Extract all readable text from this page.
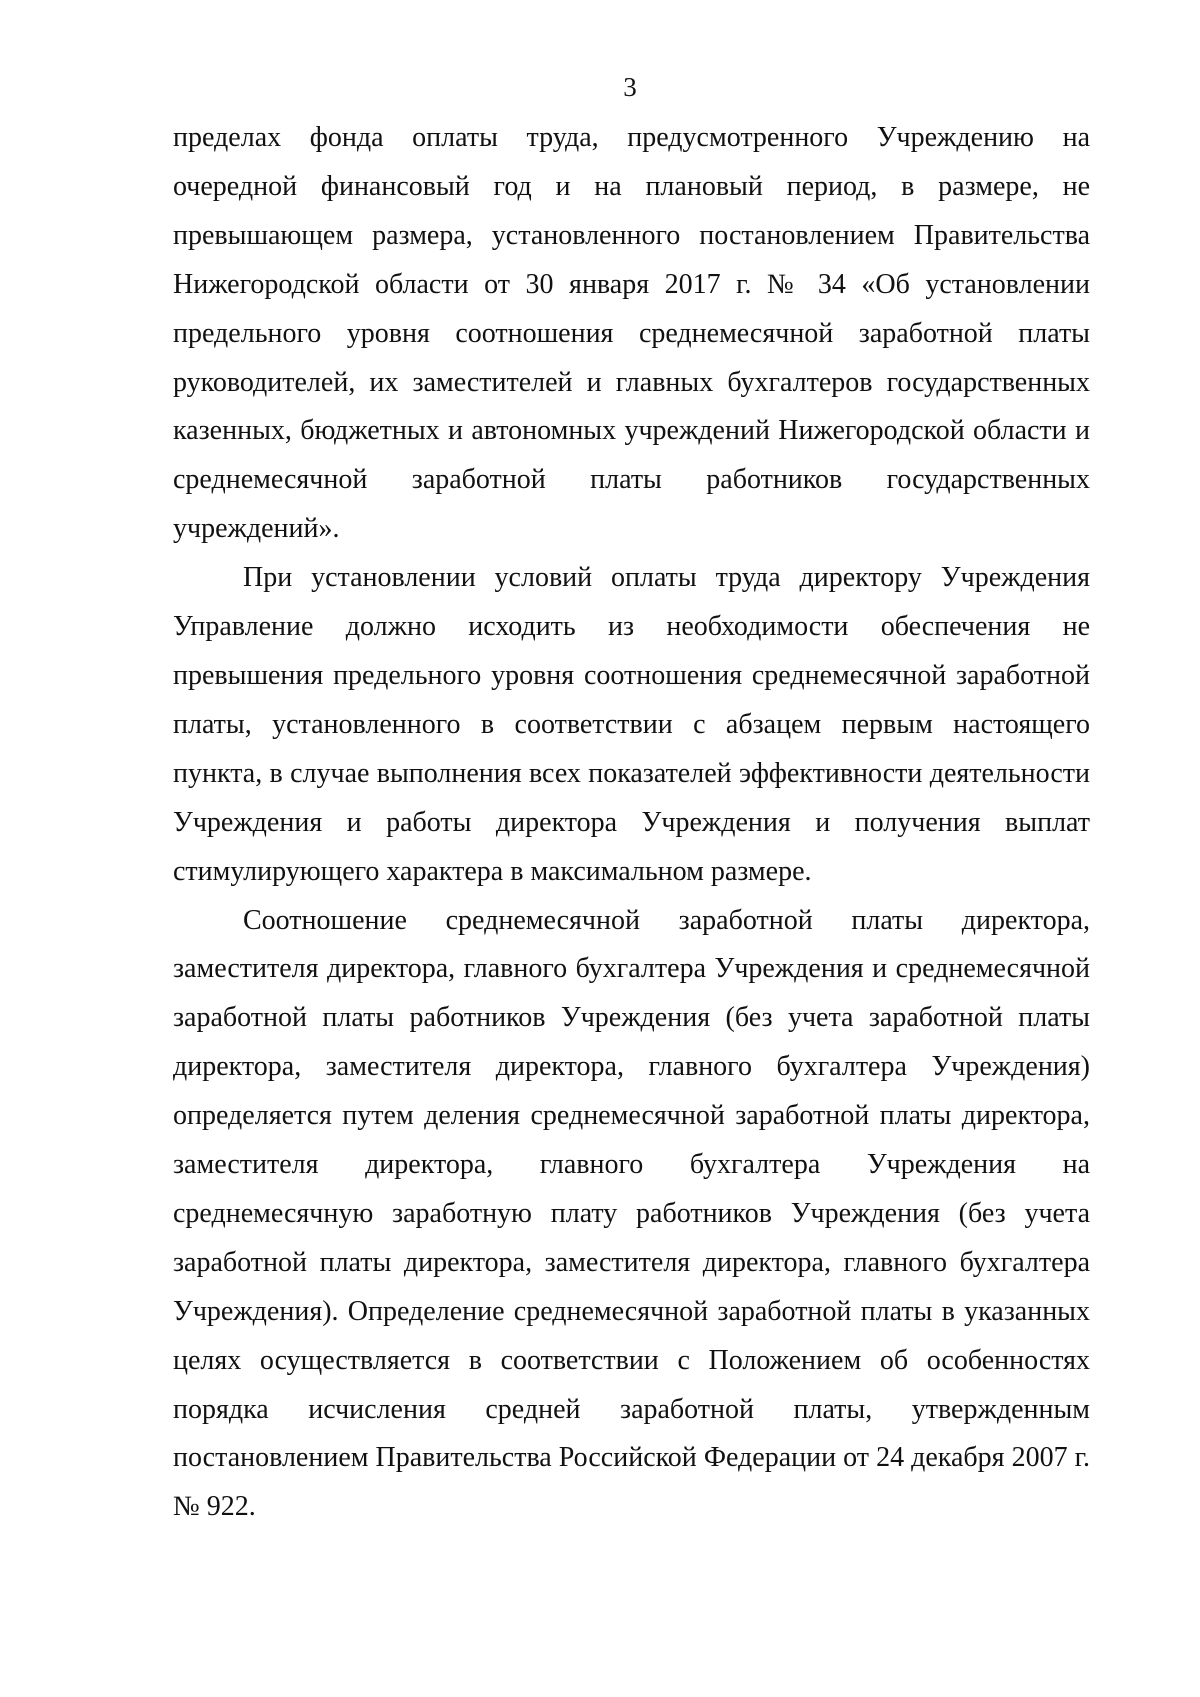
3

пределах фонда оплаты труда, предусмотренного Учреждению на очередной финансовый год и на плановый период, в размере, не превышающем размера, установленного постановлением Правительства Нижегородской области от 30 января 2017 г. № 34 «Об установлении предельного уровня соотношения среднемесячной заработной платы руководителей, их заместителей и главных бухгалтеров государственных казенных, бюджетных и автономных учреждений Нижегородской области и среднемесячной заработной платы работников государственных учреждений».

При установлении условий оплаты труда директору Учреждения Управление должно исходить из необходимости обеспечения не превышения предельного уровня соотношения среднемесячной заработной платы, установленного в соответствии с абзацем первым настоящего пункта, в случае выполнения всех показателей эффективности деятельности Учреждения и работы директора Учреждения и получения выплат стимулирующего характера в максимальном размере.

Соотношение среднемесячной заработной платы директора, заместителя директора, главного бухгалтера Учреждения и среднемесячной заработной платы работников Учреждения (без учета заработной платы директора, заместителя директора, главного бухгалтера Учреждения) определяется путем деления среднемесячной заработной платы директора, заместителя директора, главного бухгалтера Учреждения на среднемесячную заработную плату работников Учреждения (без учета заработной платы директора, заместителя директора, главного бухгалтера Учреждения). Определение среднемесячной заработной платы в указанных целях осуществляется в соответствии с Положением об особенностях порядка исчисления средней заработной платы, утвержденным постановлением Правительства Российской Федерации от 24 декабря 2007 г. № 922.
